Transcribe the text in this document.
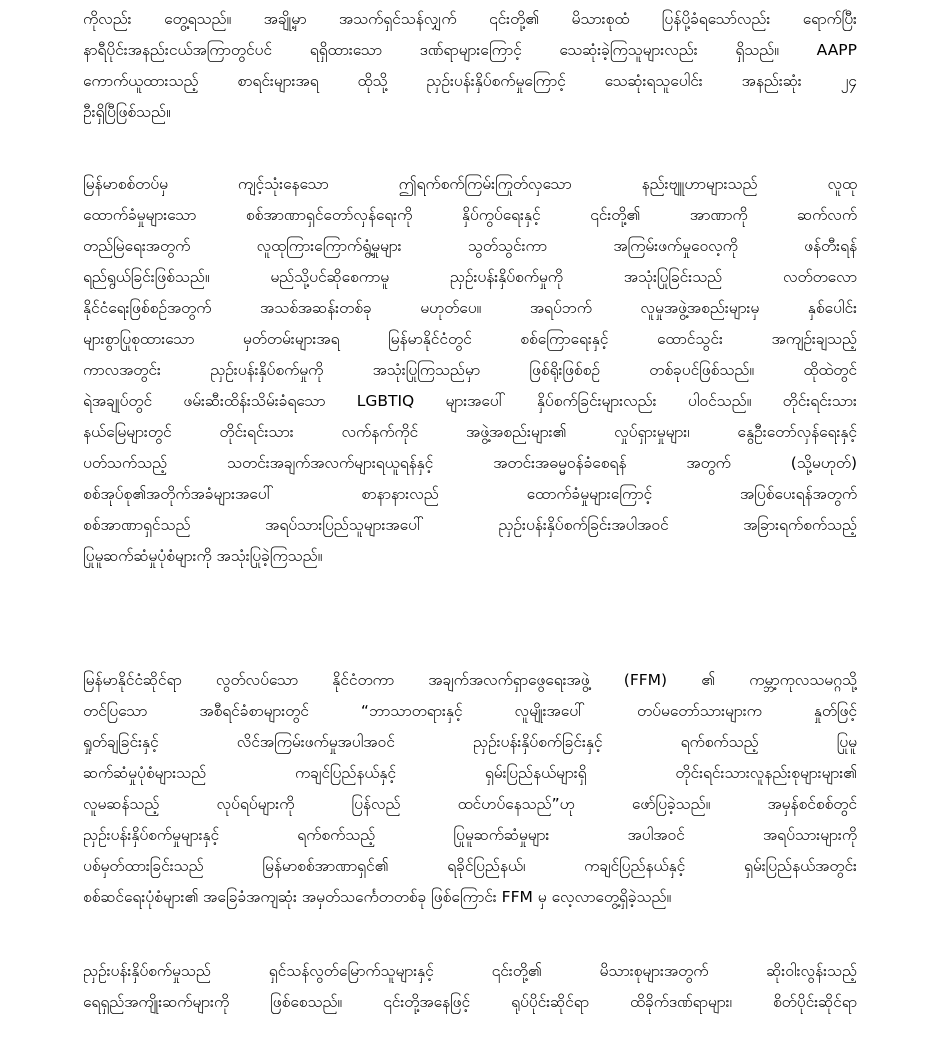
ကိုလည်း တွေ့ရသည်။ အချို့မှာ အသက်ရှင်သန်လျှက် ၎င်းတို့၏ မိသားစုထံ ပြန်ပို့ခံရသော်လည်း ရောက်ပြီး
နာရီပိုင်းအနည်းငယ်အကြာတွင်ပင် ရရှိထားသော ဒဏ်ရာများကြောင့် သေဆုံးခဲ့ကြသူများလည်း ရှိသည်။ AAPP
ကောက်ယူထားသည့် စာရင်းများအရ ထိုသို့ ညှဉ်းပန်းနှိပ်စက်မှုကြောင့် သေဆုံးရသူပေါင်း အနည်းဆုံး ၂၄
ဦးရှိပြီဖြစ်သည်။
မြန်မာစစ်တပ်မှ ကျင့်သုံးနေသော ဤရက်စက်ကြမ်းကြုတ်လှသော နည်းဗျူဟာများသည် လူထု
ထောက်ခံမှုများသော စစ်အာဏာရှင်တော်လှန်ရေးကို နှိပ်ကွပ်ရေးနှင့် ၎င်းတို့၏ အာဏာကို ဆက်လက်
တည်မြဲရေးအတွက် လူထုကြားကြောက်ရွံ့မှုများ သွတ်သွင်းကာ အကြမ်းဖက်မှုဝေလ့ကို ဖန်တီးရန်
ရည်ရွယ်ခြင်းဖြစ်သည်။ မည်သို့ပင်ဆိုစေကာမူ ညှဉ်းပန်းနှိပ်စက်မှုကို အသုံးပြုခြင်းသည် လတ်တလော
နိုင်ငံရေးဖြစ်စဉ်အတွက် အသစ်အဆန်းတစ်ခု မဟုတ်ပေ။ အရပ်ဘက် လူမှုအဖွဲ့အစည်းများမှ နှစ်ပေါင်း
များစွာပြုစုထားသော မှတ်တမ်းများအရ မြန်မာနိုင်ငံတွင် စစ်ကြောရေးနှင့် ထောင်သွင်း အကျဉ်းချသည့်
ကာလအတွင်း ညှဉ်းပန်းနှိပ်စက်မှုကို အသုံးပြုကြသည်မှာ ဖြစ်ရိုးဖြစ်စဉ် တစ်ခုပင်ဖြစ်သည်။ ထိုထဲတွင်
ရဲအချုပ်တွင် ဖမ်းဆီးထိန်းသိမ်းခံရသော LGBTIQ များအပေါ် နှိပ်စက်ခြင်းများလည်း ပါဝင်သည်။ တိုင်းရင်းသား
နယ်မြေများတွင် တိုင်းရင်းသား လက်နက်ကိုင် အဖွဲ့အစည်းများ၏ လှုပ်ရှားမှုများ၊ နွေဦးတော်လှန်ရေးနှင့်
ပတ်သက်သည့် သတင်းအချက်အလက်များရယူရန်နှင့် အတင်းအဓမ္မဝန်ခံစေရန် အတွက် (သို့မဟုတ်)
စစ်အုပ်စု၏အတိုက်အခံများအပေါ် စာနာနားလည် ထောက်ခံမှုများကြောင့် အပြစ်ပေးရန်အတွက်
စစ်အာဏာရှင်သည် အရပ်သားပြည်သူများအပေါ် ညှဉ်းပန်းနှိပ်စက်ခြင်းအပါအဝင် အခြားရက်စက်သည့်
ပြုမူဆက်ဆံမှုပုံစံများကို အသုံးပြုခဲ့ကြသည်။
မြန်မာနိုင်ငံဆိုင်ရာ လွတ်လပ်သော နိုင်ငံတကာ အချက်အလက်ရှာဖွေရေးအဖွဲ့ (FFM) ၏ ကမ္ဘာ့ကုလသမဂ္ဂသို့
တင်ပြသော အစီရင်ခံစာများတွင် “ဘာသာတရားနှင့် လူမျိုးအပေါ် တပ်မတော်သားများက နှုတ်ဖြင့်
ရှုတ်ချခြင်းနှင့် လိင်အကြမ်းဖက်မှုအပါအဝင် ညှဉ်းပန်းနှိပ်စက်ခြင်းနှင့် ရက်စက်သည့် ပြုမူ
ဆက်ဆံမှုပုံစံများသည် ကချင်ပြည်နယ်နှင့် ရှမ်းပြည်နယ်များရှိ တိုင်းရင်းသားလူနည်းစုများများ၏
လူမဆန်သည့် လုပ်ရပ်များကို ပြန်လည် ထင်ဟပ်နေသည်”ဟု ဖော်ပြခဲ့သည်။ အမှန်စင်စစ်တွင်
ညှဉ်းပန်းနှိပ်စက်မှုများနှင့် ရက်စက်သည့် ပြုမူဆက်ဆံမှုများ အပါအဝင် အရပ်သားများကို
ပစ်မှတ်ထားခြင်းသည် မြန်မာစစ်အာဏာရှင်၏ ရခိုင်ပြည်နယ်၊ ကချင်ပြည်နယ်နှင့် ရှမ်းပြည်နယ်အတွင်း
စစ်ဆင်ရေးပုံစံများ၏ အခြေခံအကျဆုံး အမှတ်သင်္ကေတတစ်ခု ဖြစ်ကြောင်း FFM မှ လေ့လာတွေ့ရှိခဲ့သည်။
ညှဉ်းပန်းနှိပ်စက်မှုသည် ရှင်သန်လွတ်မြောက်သူများနှင့် ၎င်းတို့၏ မိသားစုများအတွက် ဆိုးဝါးလွန်းသည့်
ရေရှည်အကျိုးဆက်များကို ဖြစ်စေသည်။ ၎င်းတို့အနေဖြင့် ရုပ်ပိုင်းဆိုင်ရာ ထိခိုက်ဒဏ်ရာများ၊ စိတ်ပိုင်းဆိုင်ရာ
